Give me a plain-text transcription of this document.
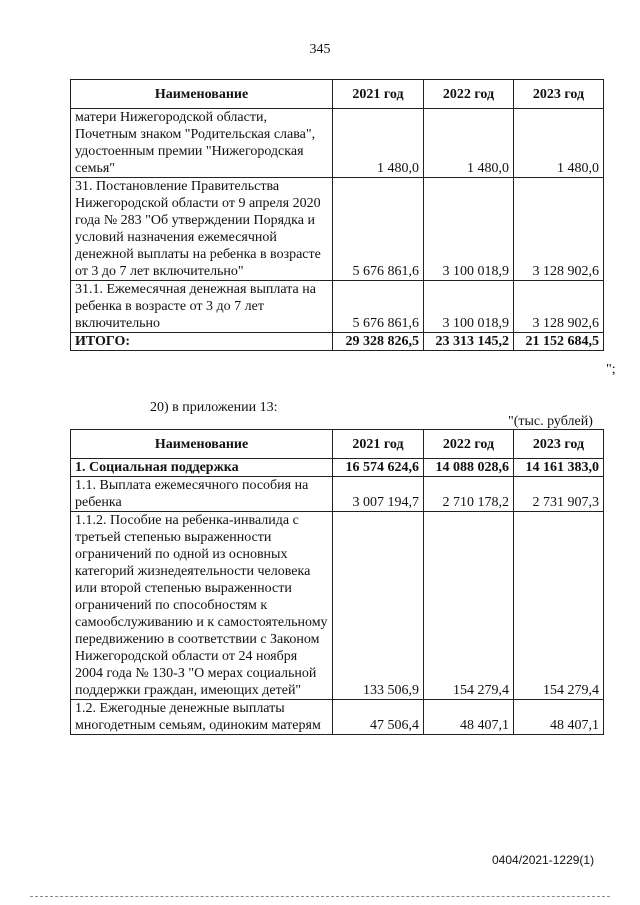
345
Наименование	2021 год	2022 год	2023 год
матери Нижегородской области, Почетным знаком "Родительская слава", удостоенным премии "Нижегородская семья"	1 480,0	1 480,0	1 480,0
31. Постановление Правительства Нижегородской области от 9 апреля 2020 года № 283 "Об утверждении Порядка и условий назначения ежемесячной денежной выплаты на ребенка в возрасте от 3 до 7 лет включительно"	5 676 861,6	3 100 018,9	3 128 902,6
31.1. Ежемесячная денежная выплата на ребенка в возрасте от 3 до 7 лет включительно	5 676 861,6	3 100 018,9	3 128 902,6
ИТОГО:	29 328 826,5	23 313 145,2	21 152 684,5
";
20) в приложении 13:
"(тыс. рублей)
Наименование	2021 год	2022 год	2023 год
1. Социальная поддержка	16 574 624,6	14 088 028,6	14 161 383,0
1.1. Выплата ежемесячного пособия на ребенка	3 007 194,7	2 710 178,2	2 731 907,3
1.1.2. Пособие на ребенка-инвалида с третьей степенью выраженности ограничений по одной из основных категорий жизнедеятельности человека или второй степенью выраженности ограничений по способностям к самообслуживанию и к самостоятельному передвижению в соответствии с Законом Нижегородской области от 24 ноября 2004 года № 130-З "О мерах социальной поддержки граждан, имеющих детей"	133 506,9	154 279,4	154 279,4
1.2. Ежегодные денежные выплаты многодетным семьям, одиноким матерям	47 506,4	48 407,1	48 407,1
0404/2021-1229(1)
